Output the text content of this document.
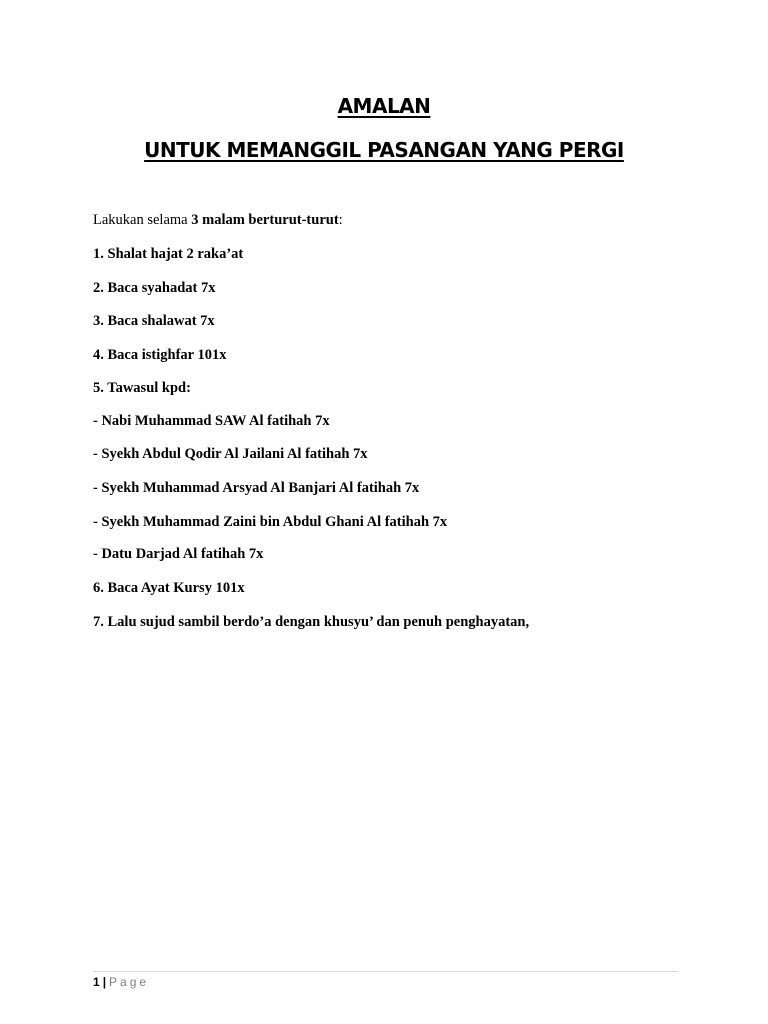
AMALAN
UNTUK MEMANGGIL PASANGAN YANG PERGI
Lakukan selama 3 malam berturut-turut:
1. Shalat hajat 2 raka’at
2. Baca syahadat 7x
3. Baca shalawat 7x
4. Baca istighfar 101x
5. Tawasul kpd:
- Nabi Muhammad SAW Al fatihah 7x
- Syekh Abdul Qodir Al Jailani Al fatihah 7x
- Syekh Muhammad Arsyad Al Banjari Al fatihah 7x
- Syekh Muhammad Zaini bin Abdul Ghani Al fatihah 7x
- Datu Darjad Al fatihah 7x
6. Baca Ayat Kursy 101x
7. Lalu sujud sambil berdo’a dengan khusyu’ dan penuh penghayatan,
1 | Page
